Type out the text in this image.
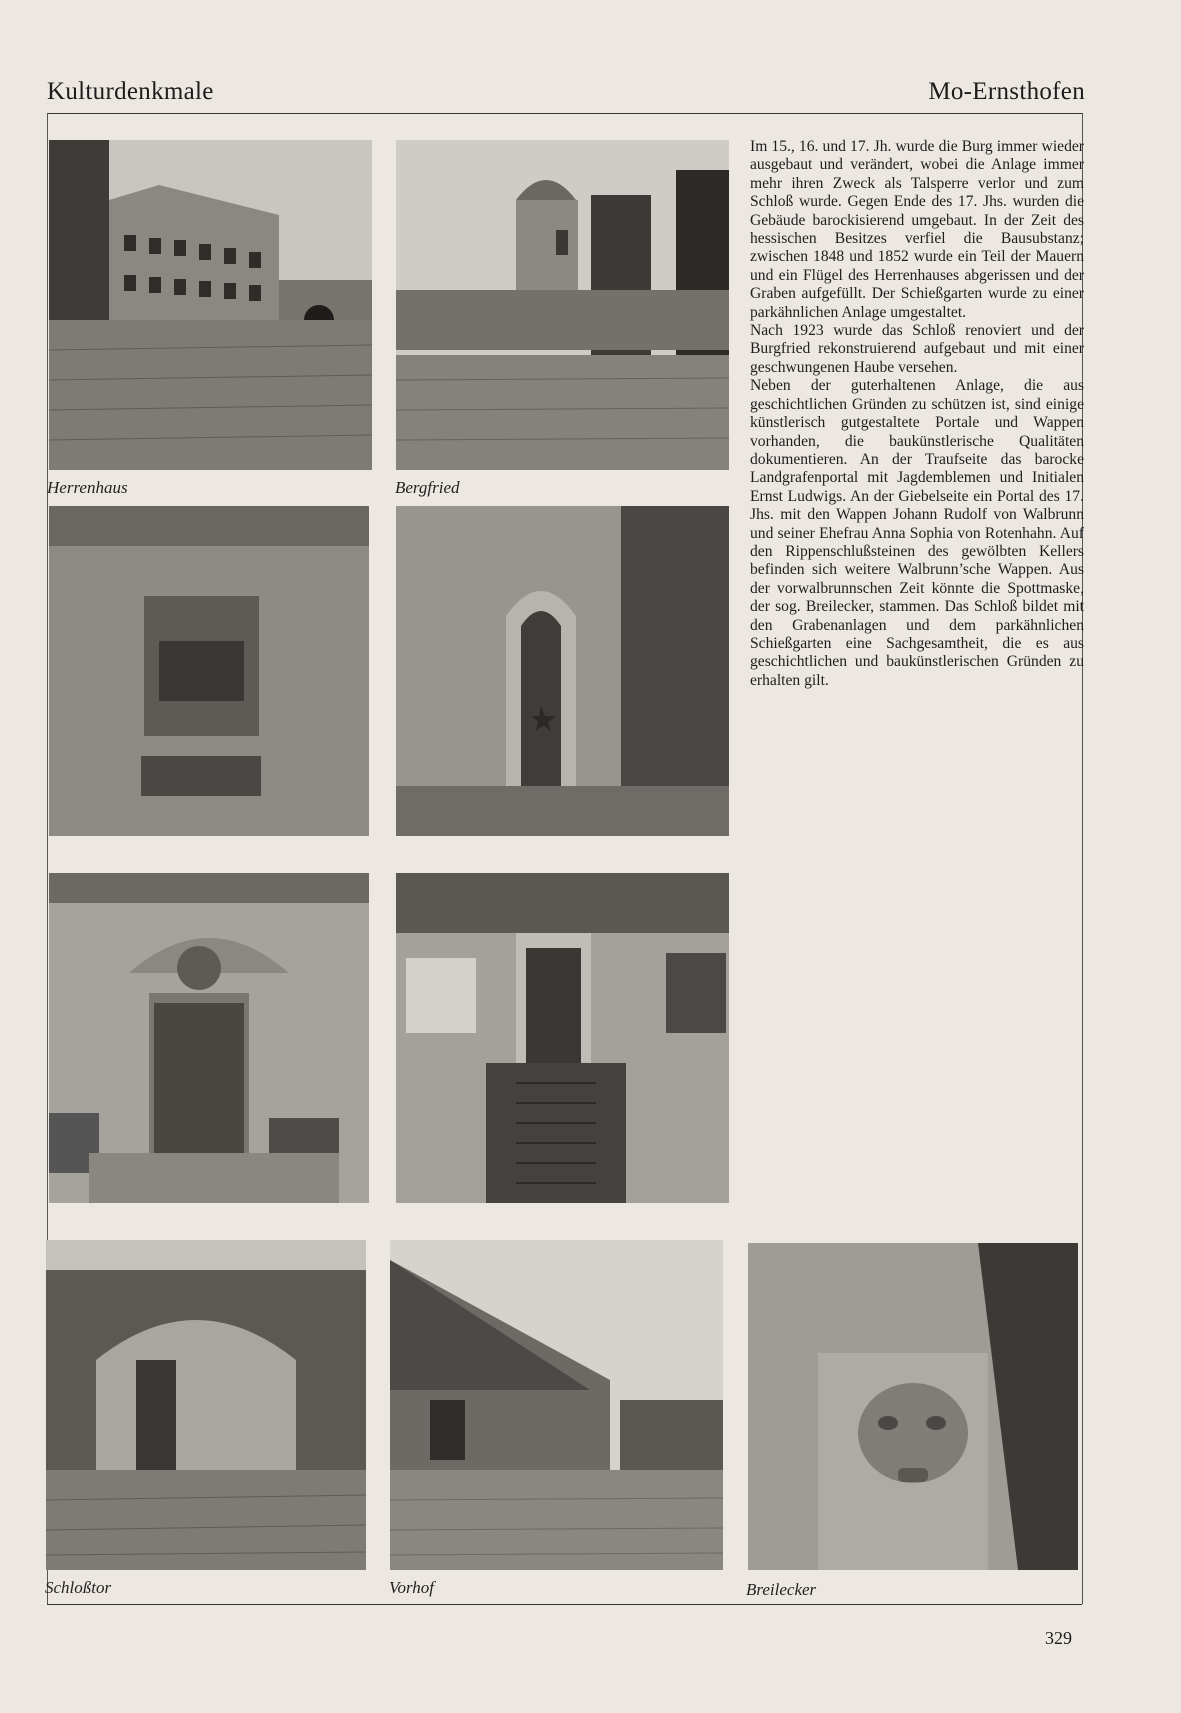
Kulturdenkmale	Mo-Ernsthofen
Herrenhaus	Bergfried
Schloßtor	Vorhof	Breilecker

Im 15., 16. und 17. Jh. wurde die Burg immer wieder ausgebaut und verändert, wobei die Anlage immer mehr ihren Zweck als Talsperre verlor und zum Schloß wurde. Gegen Ende des 17. Jhs. wurden die Gebäude barockisierend umgebaut. In der Zeit des hessischen Besitzes verfiel die Bausubstanz; zwischen 1848 und 1852 wurde ein Teil der Mauern und ein Flügel des Herrenhauses abgerissen und der Graben aufgefüllt. Der Schießgarten wurde zu einer parkähnlichen Anlage umgestaltet.

Nach 1923 wurde das Schloß renoviert und der Burgfried rekonstruierend aufgebaut und mit einer geschwungenen Haube versehen.

Neben der guterhaltenen Anlage, die aus geschichtlichen Gründen zu schützen ist, sind einige künstlerisch gutgestaltete Portale und Wappen vorhanden, die baukünstlerische Qualitäten dokumentieren. An der Traufseite das barocke Landgrafenportal mit Jagdemblemen und Initialen Ernst Ludwigs. An der Giebelseite ein Portal des 17. Jhs. mit den Wappen Johann Rudolf von Walbrunn und seiner Ehefrau Anna Sophia von Rotenhahn. Auf den Rippenschlußsteinen des gewölbten Kellers befinden sich weitere Walbrunn’sche Wappen. Aus der vorwalbrunnschen Zeit könnte die Spottmaske, der sog. Breilecker, stammen. Das Schloß bildet mit den Grabenanlagen und dem parkähnlichen Schießgarten eine Sachgesamtheit, die es aus geschichtlichen und baukünstlerischen Gründen zu erhalten gilt.

329
